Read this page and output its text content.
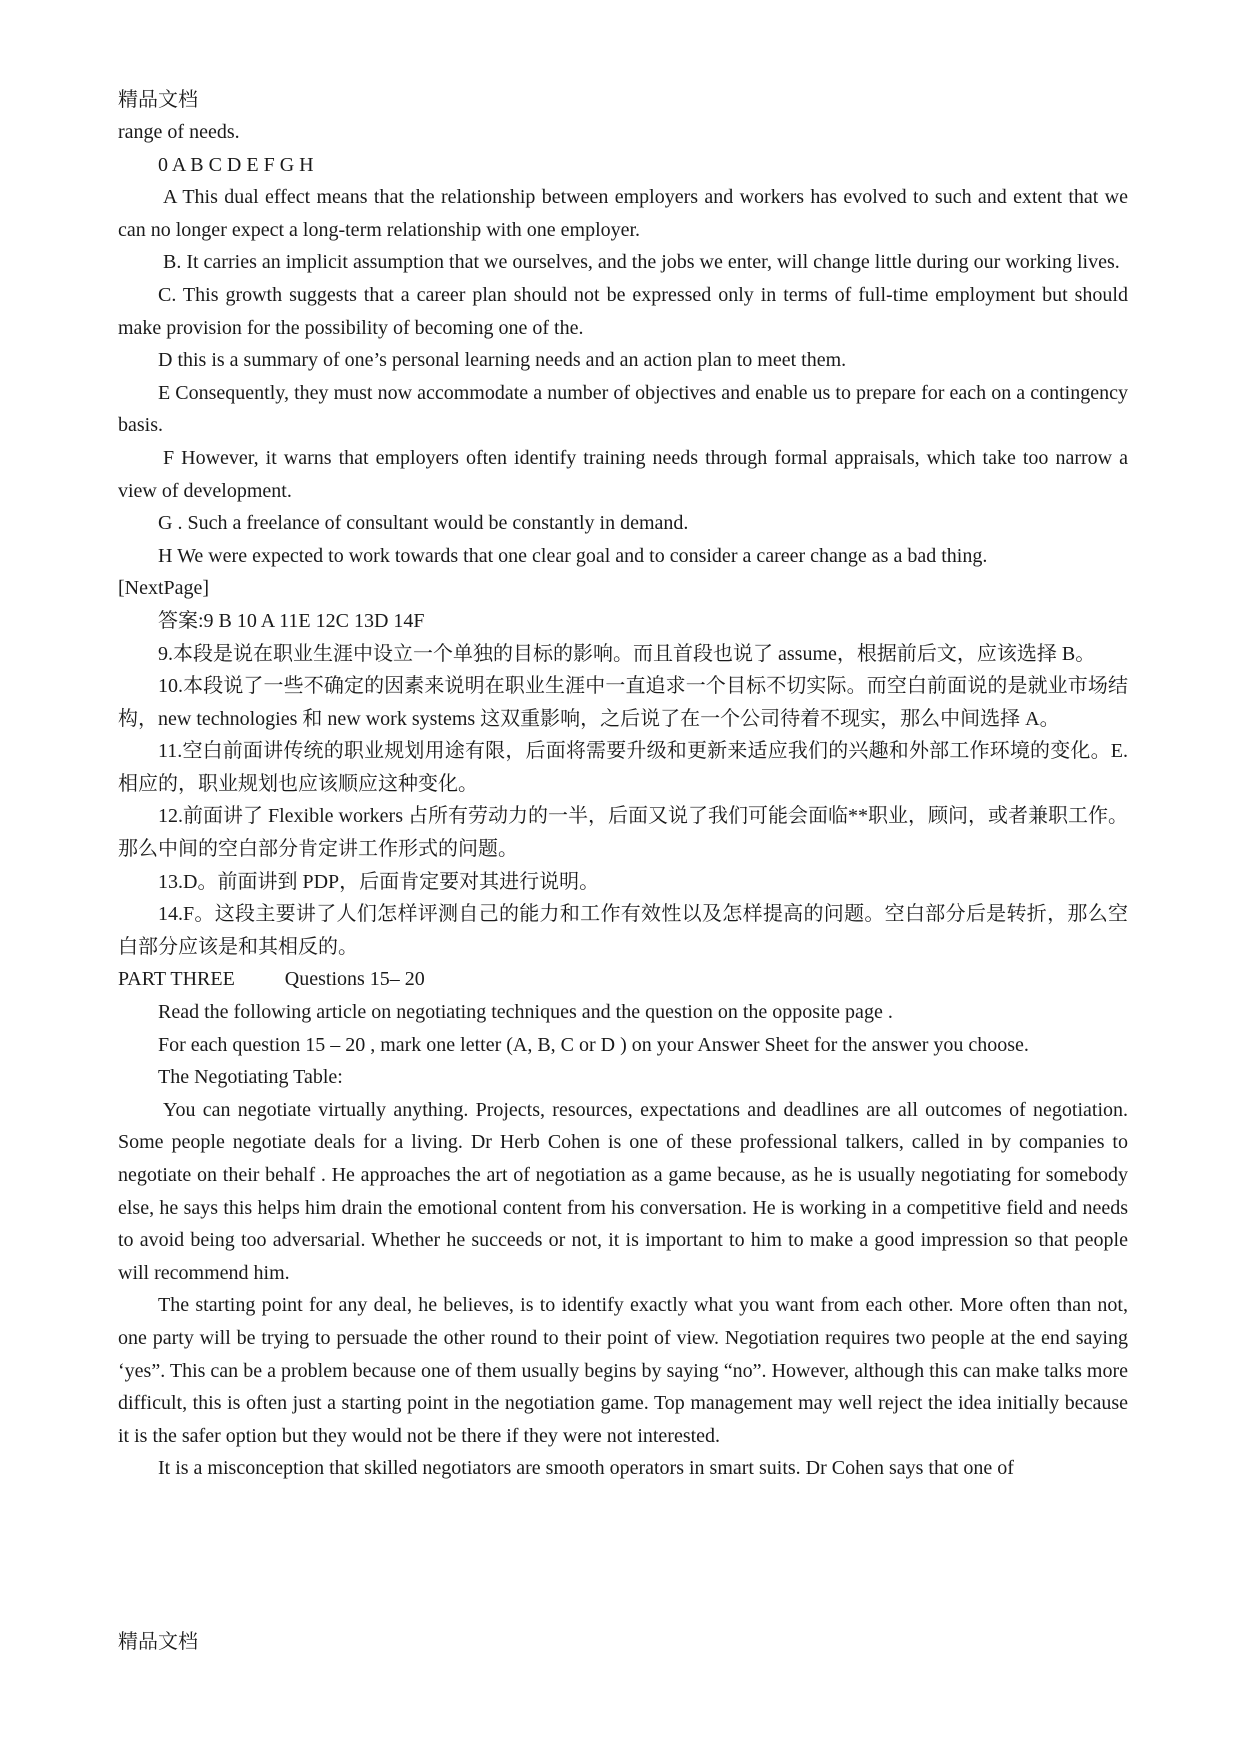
精品文档

range of needs.

0 A B C D E F G H

A This dual effect means that the relationship between employers and workers has evolved to such and extent that we can no longer expect a long-term relationship with one employer.

B. It carries an implicit assumption that we ourselves, and the jobs we enter, will change little during our working lives.

C. This growth suggests that a career plan should not be expressed only in terms of full-time employment but should make provision for the possibility of becoming one of the.

D this is a summary of one’s personal learning needs and an action plan to meet them.

E Consequently, they must now accommodate a number of objectives and enable us to prepare for each on a contingency basis.

F However, it warns that employers often identify training needs through formal appraisals, which take too narrow a view of development.

G . Such a freelance of consultant would be constantly in demand.

H We were expected to work towards that one clear goal and to consider a career change as a bad thing.

[NextPage]

答案:9 B 10 A 11E 12C 13D 14F

9.本段是说在职业生涯中设立一个单独的目标的影响。而且首段也说了 assume，根据前后文，应该选择 B。

10.本段说了一些不确定的因素来说明在职业生涯中一直追求一个目标不切实际。而空白前面说的是就业市场结构，new technologies 和 new work systems 这双重影响，之后说了在一个公司待着不现实，那么中间选择 A。

11.空白前面讲传统的职业规划用途有限，后面将需要升级和更新来适应我们的兴趣和外部工作环境的变化。E.相应的，职业规划也应该顺应这种变化。

12.前面讲了 Flexible workers 占所有劳动力的一半，后面又说了我们可能会面临**职业，顾问，或者兼职工作。那么中间的空白部分肯定讲工作形式的问题。

13.D。前面讲到 PDP，后面肯定要对其进行说明。

14.F。这段主要讲了人们怎样评测自己的能力和工作有效性以及怎样提高的问题。空白部分后是转折，那么空白部分应该是和其相反的。

PART THREE	Questions 15– 20

Read the following article on negotiating techniques and the question on the opposite page .

For each question 15 – 20 , mark one letter (A, B, C or D ) on your Answer Sheet for the answer you choose.

The Negotiating Table:

You can negotiate virtually anything. Projects, resources, expectations and deadlines are all outcomes of negotiation. Some people negotiate deals for a living. Dr Herb Cohen is one of these professional talkers, called in by companies to negotiate on their behalf . He approaches the art of negotiation as a game because, as he is usually negotiating for somebody else, he says this helps him drain the emotional content from his conversation. He is working in a competitive field and needs to avoid being too adversarial. Whether he succeeds or not, it is important to him to make a good impression so that people will recommend him.

The starting point for any deal, he believes, is to identify exactly what you want from each other. More often than not, one party will be trying to persuade the other round to their point of view. Negotiation requires two people at the end saying ‘yes”. This can be a problem because one of them usually begins by saying “no”. However, although this can make talks more difficult, this is often just a starting point in the negotiation game. Top management may well reject the idea initially because it is the safer option but they would not be there if they were not interested.

It is a misconception that skilled negotiators are smooth operators in smart suits. Dr Cohen says that one of

精品文档
